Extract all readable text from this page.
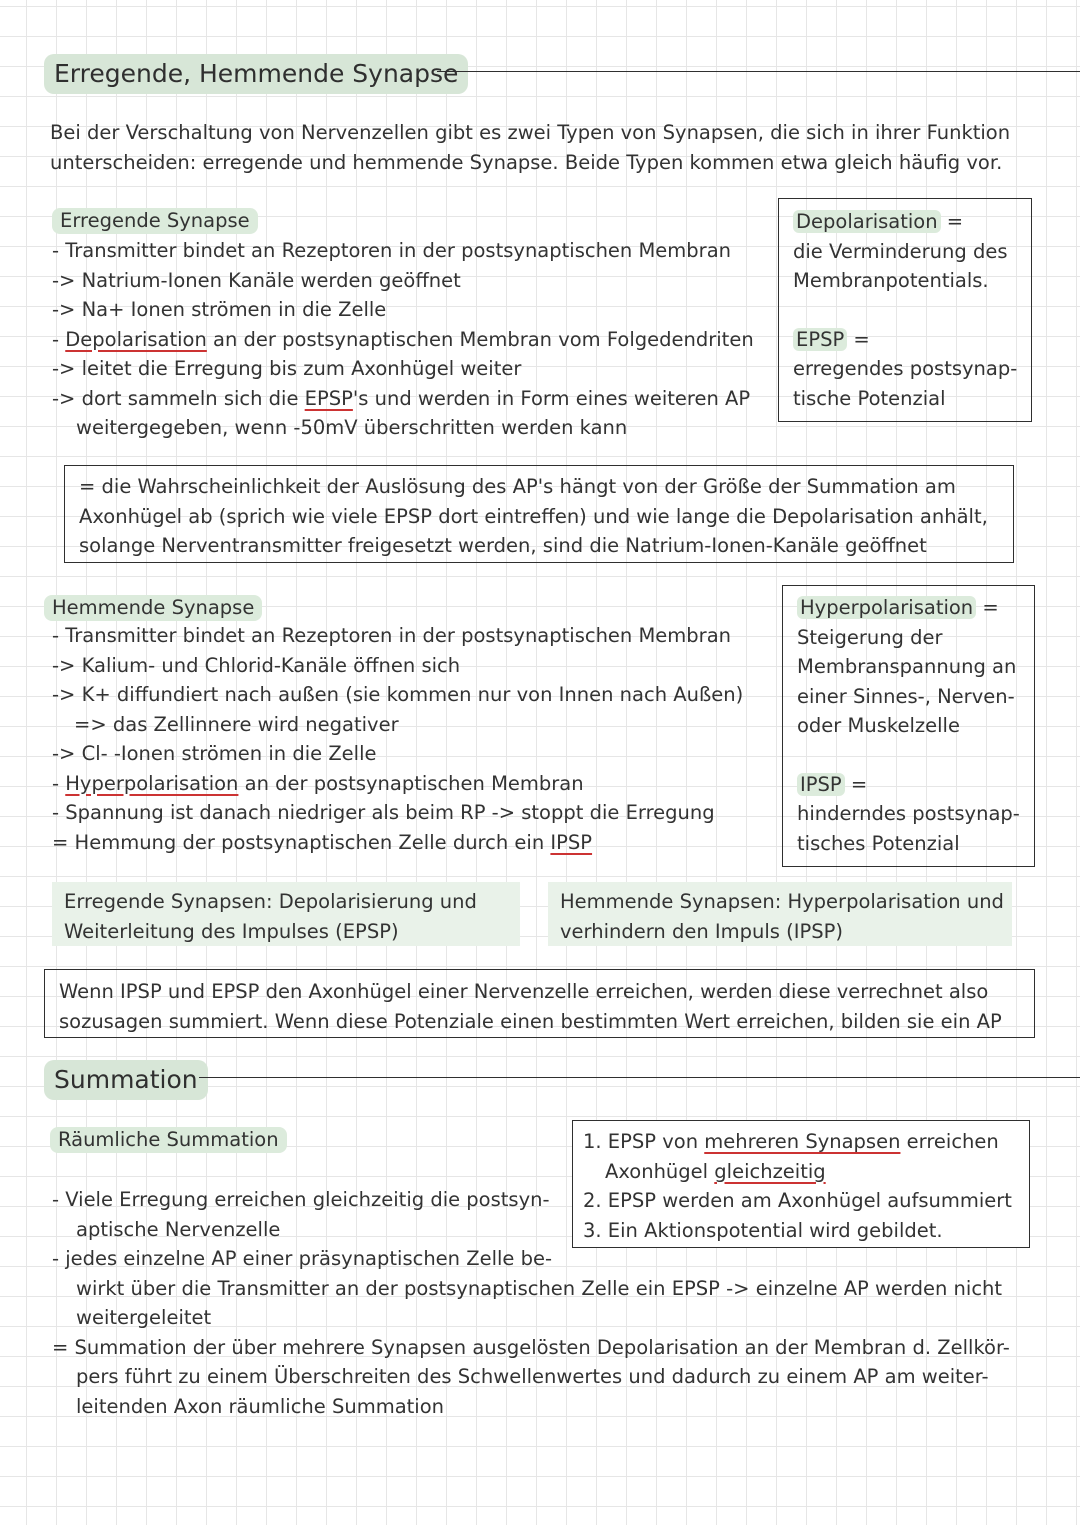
Erregende, Hemmende Synapse
Bei der Verschaltung von Nervenzellen gibt es zwei Typen von Synapsen, die sich in ihrer Funktion
unterscheiden: erregende und hemmende Synapse. Beide Typen kommen etwa gleich häufig vor.
Erregende Synapse
- Transmitter bindet an Rezeptoren in der postsynaptischen Membran
-> Natrium-Ionen Kanäle werden geöffnet
-> Na+ Ionen strömen in die Zelle
- Depolarisation an der postsynaptischen Membran vom Folgedendriten
-> leitet die Erregung bis zum Axonhügel weiter
-> dort sammeln sich die EPSP's und werden in Form eines weiteren AP
weitergegeben, wenn -50mV überschritten werden kann
Depolarisation =
die Verminderung des
Membranpotentials.
EPSP =
erregendes postsynap-
tische Potenzial
= die Wahrscheinlichkeit der Auslösung des AP's hängt von der Größe der Summation am
Axonhügel ab (sprich wie viele EPSP dort eintreffen) und wie lange die Depolarisation anhält,
solange Nerventransmitter freigesetzt werden, sind die Natrium-Ionen-Kanäle geöffnet
Hemmende Synapse
- Transmitter bindet an Rezeptoren in der postsynaptischen Membran
-> Kalium- und Chlorid-Kanäle öffnen sich
-> K+ diffundiert nach außen (sie kommen nur von Innen nach Außen)
=> das Zellinnere wird negativer
-> Cl- -Ionen strömen in die Zelle
- Hyperpolarisation an der postsynaptischen Membran
- Spannung ist danach niedriger als beim RP -> stoppt die Erregung
= Hemmung der postsynaptischen Zelle durch ein IPSP
Hyperpolarisation =
Steigerung der
Membranspannung an
einer Sinnes-, Nerven-
oder Muskelzelle
IPSP =
hinderndes postsynap-
tisches Potenzial
Erregende Synapsen: Depolarisierung und
Weiterleitung des Impulses (EPSP)
Hemmende Synapsen: Hyperpolarisation und
verhindern den Impuls (IPSP)
Wenn IPSP und EPSP den Axonhügel einer Nervenzelle erreichen, werden diese verrechnet also
sozusagen summiert. Wenn diese Potenziale einen bestimmten Wert erreichen, bilden sie ein AP
Summation
Räumliche Summation
- Viele Erregung erreichen gleichzeitig die postsyn-
aptische Nervenzelle
- jedes einzelne AP einer präsynaptischen Zelle be-
wirkt über die Transmitter an der postsynaptischen Zelle ein EPSP -> einzelne AP werden nicht
weitergeleitet
= Summation der über mehrere Synapsen ausgelösten Depolarisation an der Membran d. Zellkör-
pers führt zu einem Überschreiten des Schwellenwertes und dadurch zu einem AP am weiter-
leitenden Axon räumliche Summation
1. EPSP von mehreren Synapsen erreichen
Axonhügel gleichzeitig
2. EPSP werden am Axonhügel aufsummiert
3. Ein Aktionspotential wird gebildet.
